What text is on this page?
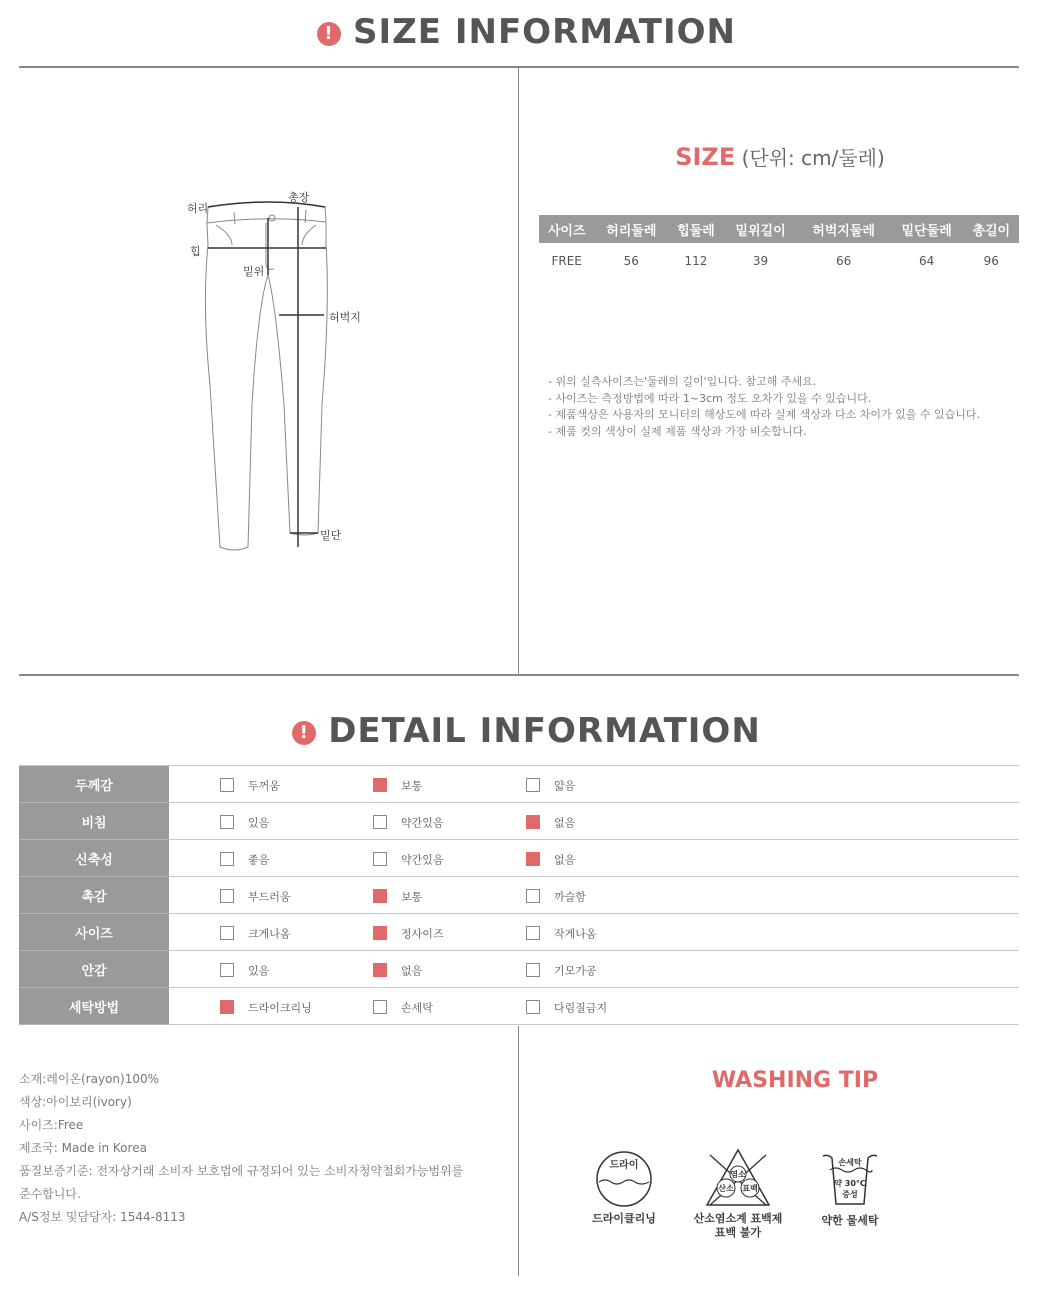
! SIZE INFORMATION
허리
총장
힙
밑위
허벅지
밑단
SIZE (단위: cm/둘레)
사이즈	허리둘레	힙둘레	밑위길이	허벅지둘레	밑단둘레	총길이
FREE	56	112	39	66	64	96
- 위의 실측사이즈는'둘레의 길이'입니다. 참고해 주세요.
- 사이즈는 측정방법에 따라 1~3cm 정도 오차가 있을 수 있습니다.
- 제품색상은 사용자의 모니터의 해상도에 따라 실제 색상과 다소 차이가 있을 수 있습니다.
- 제품 컷의 색상이 실제 제품 색상과 가장 비슷합니다.
! DETAIL INFORMATION
두께감	두꺼움	보통	얇음	
비침	있음	약간있음	없음	
신축성	좋음	약간있음	없음	
촉감	부드러움	보통	까슬함	
사이즈	크게나옴	정사이즈	작게나옴	
안감	있음	없음	기모가공	
세탁방법	드라이크리닝	손세탁	다림질금지	
소재:레이온(rayon)100%
색상:아이보리(ivory)
사이즈:Free
제조국: Made in Korea
품질보증기준: 전자상거래 소비자 보호법에 규정되어 있는 소비자청약철회가능범위를
준수합니다.
A/S정보 및담당자: 1544-8113
WASHING TIP
드라이
드라이클리닝
염소
산소 표백
산소염소계 표백제
표백 불가
손세탁
약 30°C
중성
약한 물세탁
